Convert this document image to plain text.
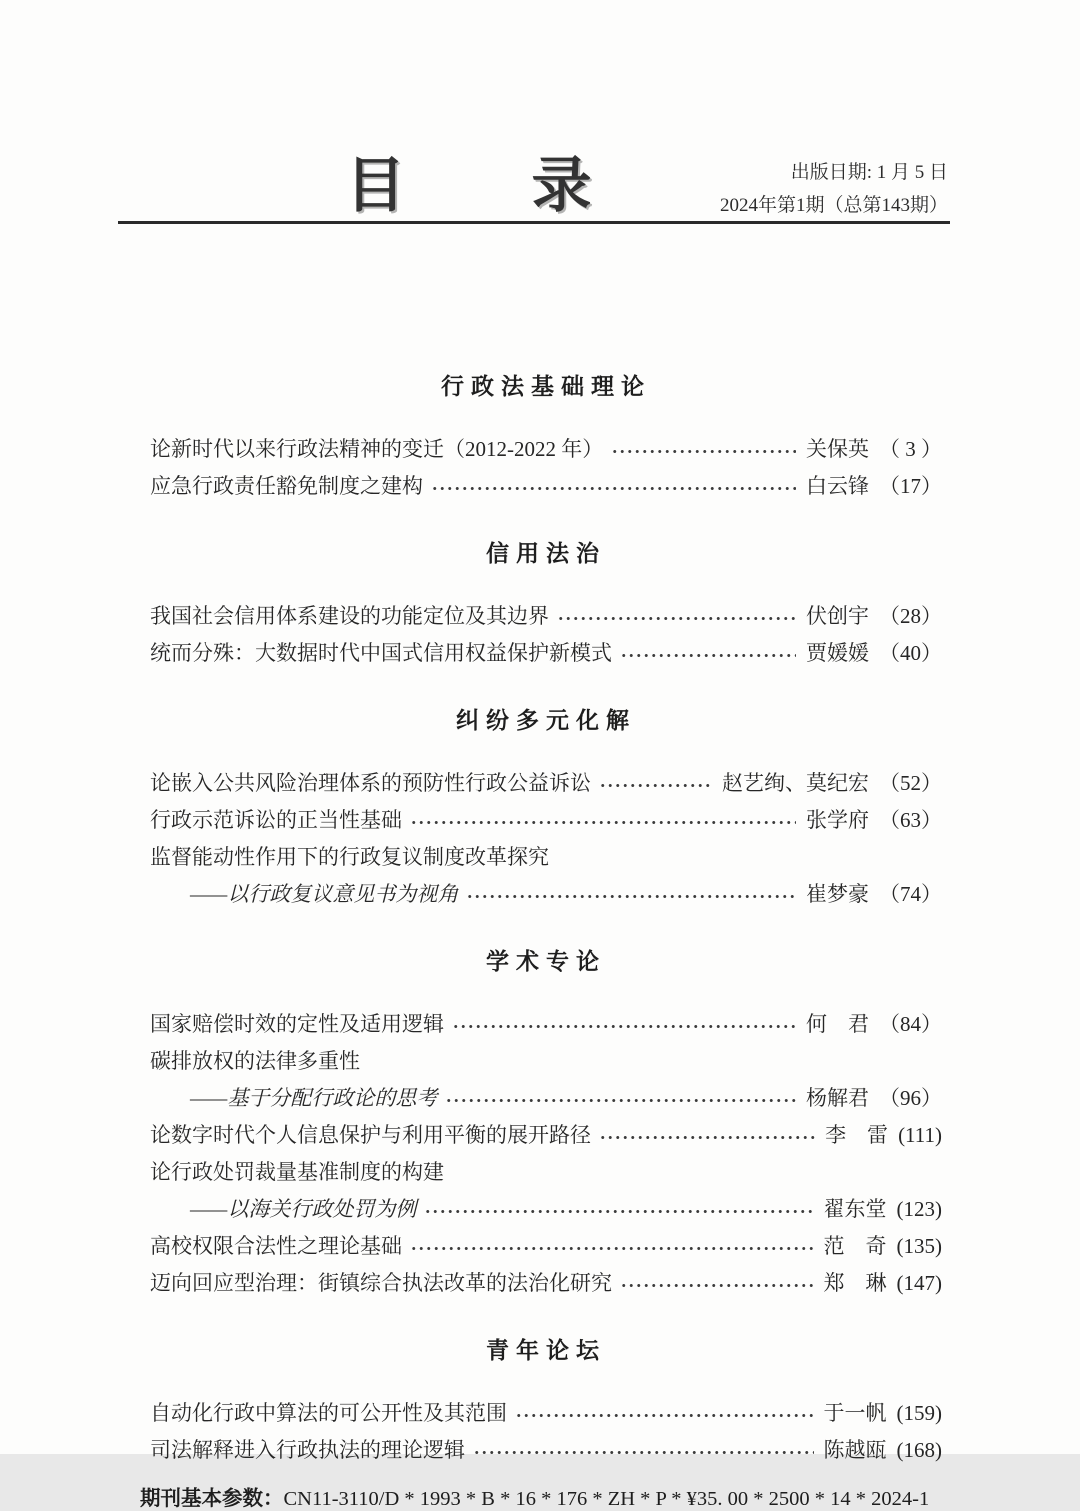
目　录	出版日期: 1 月 5 日
2024年第1期（总第143期）
行政法基础理论
论新时代以来行政法精神的变迁（2012-2022 年）	关保英 （ 3 ）
应急行政责任豁免制度之建构	白云锋 （17）
信用法治
我国社会信用体系建设的功能定位及其边界	伏创宇 （28）
统而分殊：大数据时代中国式信用权益保护新模式	贾媛媛 （40）
纠纷多元化解
论嵌入公共风险治理体系的预防性行政公益诉讼	赵艺绚、莫纪宏 （52）
行政示范诉讼的正当性基础	张学府 （63）
监督能动性作用下的行政复议制度改革探究
——以行政复议意见书为视角	崔梦豪 （74）
学术专论
国家赔偿时效的定性及适用逻辑	何　君 （84）
碳排放权的法律多重性
——基于分配行政论的思考	杨解君 （96）
论数字时代个人信息保护与利用平衡的展开路径	李　雷 (111)
论行政处罚裁量基准制度的构建
——以海关行政处罚为例	翟东堂 (123)
高校权限合法性之理论基础	范　奇 (135)
迈向回应型治理：街镇综合执法改革的法治化研究	郑　琳 (147)
青年论坛
自动化行政中算法的可公开性及其范围	于一帆 (159)
司法解释进入行政执法的理论逻辑	陈越瓯 (168)
期刊基本参数：CN11-3110/D * 1993 * B * 16 * 176 * ZH * P * ¥35. 00 * 2500 * 14 * 2024-1
